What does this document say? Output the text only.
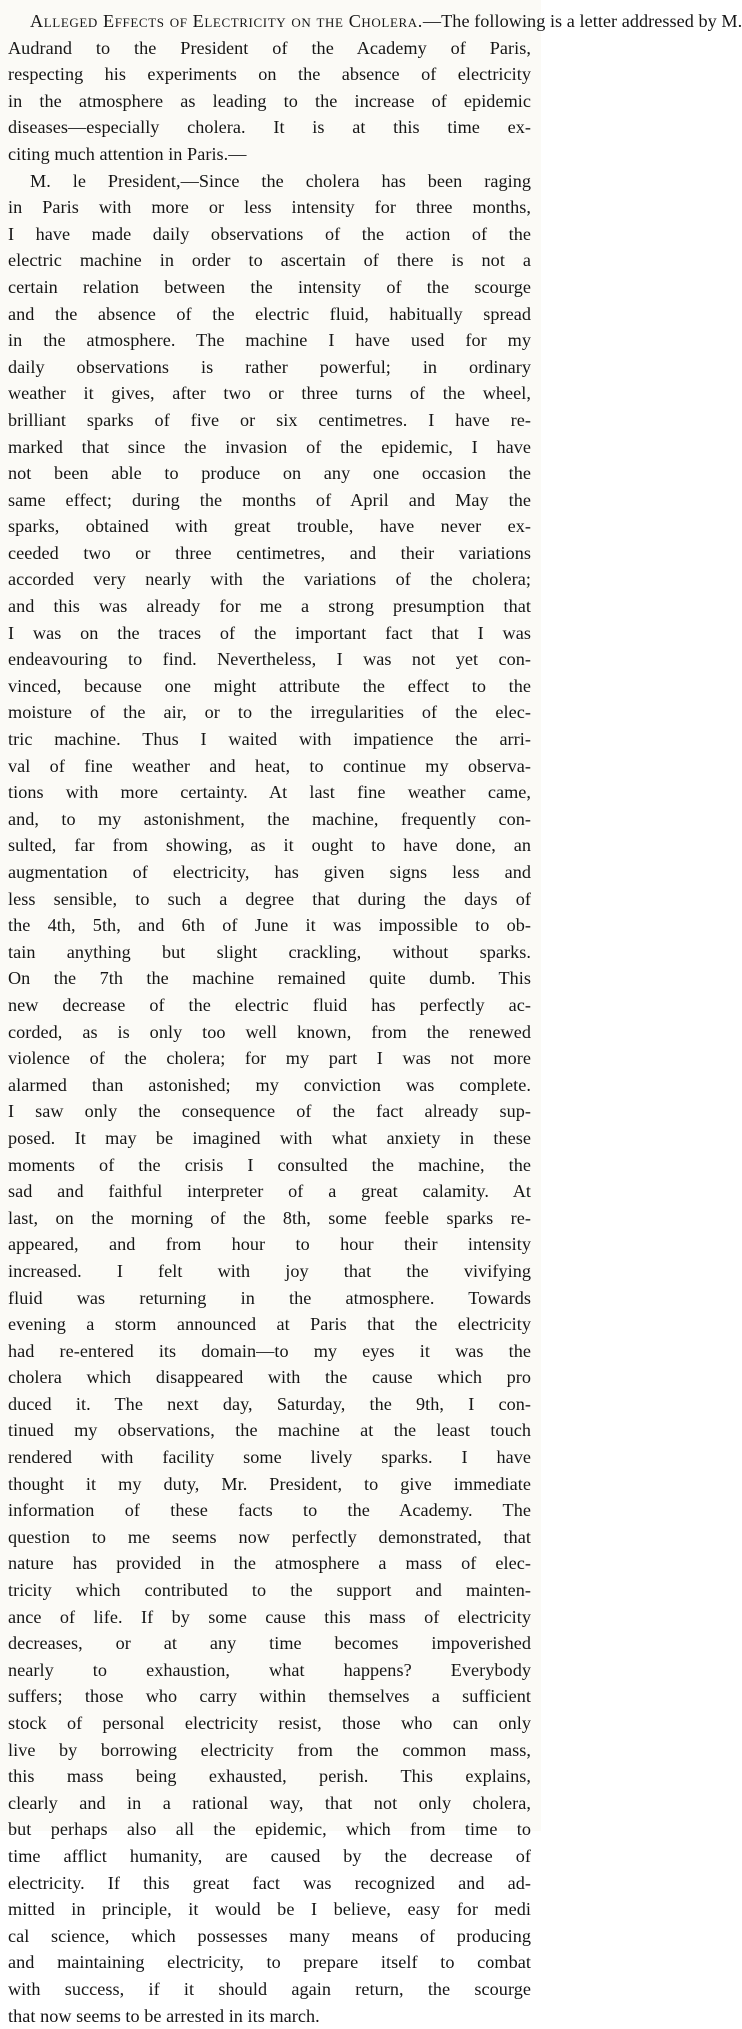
Alleged Effects of Electricity on the Cholera.—The following is a letter addressed by M.
Audrand to the President of the Academy of Paris,
respecting his experiments on the absence of electricity
in the atmosphere as leading to the increase of epidemic
diseases—especially cholera. It is at this time ex-
citing much attention in Paris.—
M. le President,—Since the cholera has been raging
in Paris with more or less intensity for three months,
I have made daily observations of the action of the
electric machine in order to ascertain of there is not a
certain relation between the intensity of the scourge
and the absence of the electric fluid, habitually spread
in the atmosphere. The machine I have used for my
daily observations is rather powerful; in ordinary
weather it gives, after two or three turns of the wheel,
brilliant sparks of five or six centimetres. I have re-
marked that since the invasion of the epidemic, I have
not been able to produce on any one occasion the
same effect; during the months of April and May the
sparks, obtained with great trouble, have never ex-
ceeded two or three centimetres, and their variations
accorded very nearly with the variations of the cholera;
and this was already for me a strong presumption that
I was on the traces of the important fact that I was
endeavouring to find. Nevertheless, I was not yet con-
vinced, because one might attribute the effect to the
moisture of the air, or to the irregularities of the elec-
tric machine. Thus I waited with impatience the arri-
val of fine weather and heat, to continue my observa-
tions with more certainty. At last fine weather came,
and, to my astonishment, the machine, frequently con-
sulted, far from showing, as it ought to have done, an
augmentation of electricity, has given signs less and
less sensible, to such a degree that during the days of
the 4th, 5th, and 6th of June it was impossible to ob-
tain anything but slight crackling, without sparks.
On the 7th the machine remained quite dumb. This
new decrease of the electric fluid has perfectly ac-
corded, as is only too well known, from the renewed
violence of the cholera; for my part I was not more
alarmed than astonished; my conviction was complete.
I saw only the consequence of the fact already sup-
posed. It may be imagined with what anxiety in these
moments of the crisis I consulted the machine, the
sad and faithful interpreter of a great calamity. At
last, on the morning of the 8th, some feeble sparks re-
appeared, and from hour to hour their intensity
increased. I felt with joy that the vivifying
fluid was returning in the atmosphere. Towards
evening a storm announced at Paris that the electricity
had re-entered its domain—to my eyes it was the
cholera which disappeared with the cause which pro
duced it. The next day, Saturday, the 9th, I con-
tinued my observations, the machine at the least touch
rendered with facility some lively sparks. I have
thought it my duty, Mr. President, to give immediate
information of these facts to the Academy. The
question to me seems now perfectly demonstrated, that
nature has provided in the atmosphere a mass of elec-
tricity which contributed to the support and mainten-
ance of life. If by some cause this mass of electricity
decreases, or at any time becomes impoverished
nearly to exhaustion, what happens? Everybody
suffers; those who carry within themselves a sufficient
stock of personal electricity resist, those who can only
live by borrowing electricity from the common mass,
this mass being exhausted, perish. This explains,
clearly and in a rational way, that not only cholera,
but perhaps also all the epidemic, which from time to
time afflict humanity, are caused by the decrease of
electricity. If this great fact was recognized and ad-
mitted in principle, it would be I believe, easy for medi
cal science, which possesses many means of producing
and maintaining electricity, to prepare itself to combat
with success, if it should again return, the scourge
that now seems to be arrested in its march.
